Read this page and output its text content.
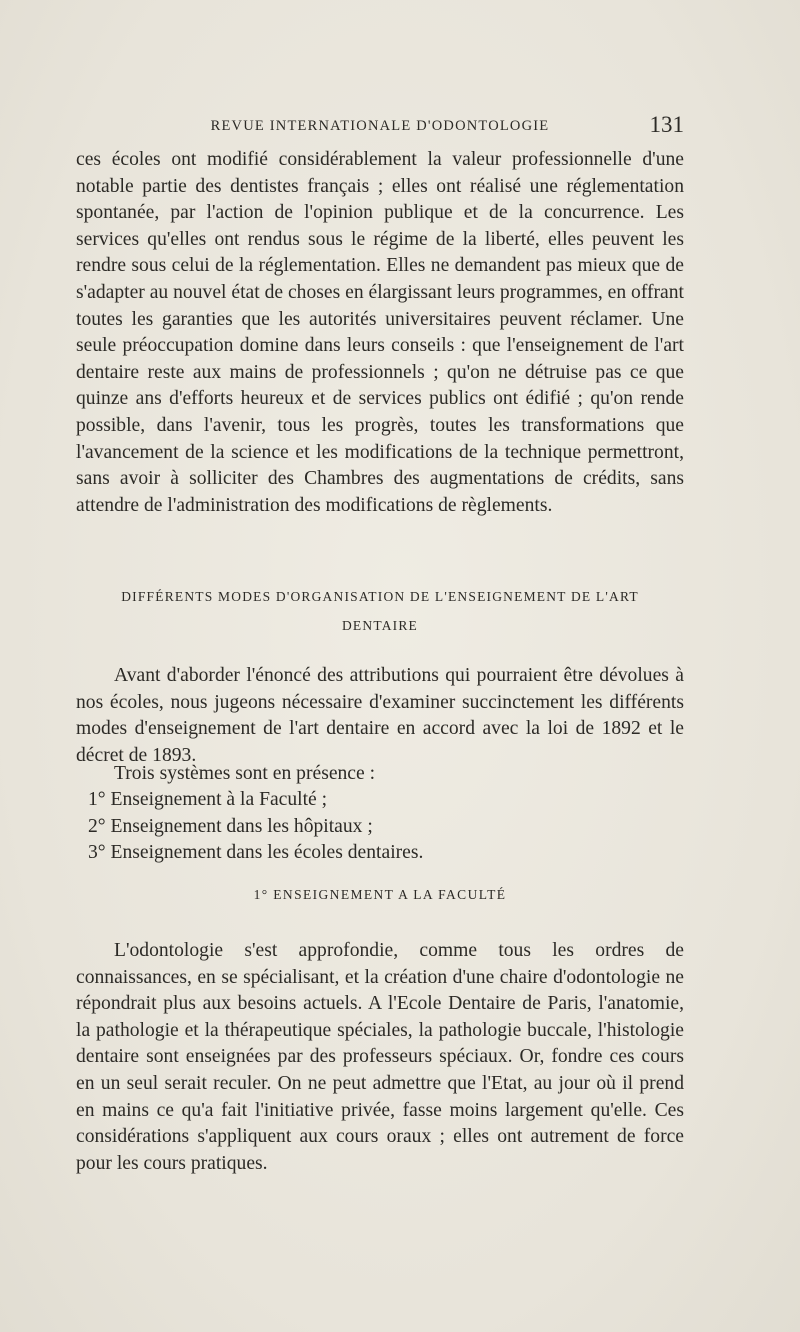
REVUE INTERNATIONALE D'ODONTOLOGIE	131

ces écoles ont modifié considérablement la valeur professionnelle d'une notable partie des dentistes français ; elles ont réalisé une réglementation spontanée, par l'action de l'opinion publique et de la concurrence. Les services qu'elles ont rendus sous le régime de la liberté, elles peuvent les rendre sous celui de la réglementation. Elles ne demandent pas mieux que de s'adapter au nouvel état de choses en élargissant leurs programmes, en offrant toutes les garanties que les autorités universitaires peuvent réclamer. Une seule préoccupation domine dans leurs conseils : que l'enseignement de l'art dentaire reste aux mains de professionnels ; qu'on ne détruise pas ce que quinze ans d'efforts heureux et de services publics ont édifié ; qu'on rende possible, dans l'avenir, tous les progrès, toutes les transformations que l'avancement de la science et les modifications de la technique permettront, sans avoir à solliciter des Chambres des augmentations de crédits, sans attendre de l'administration des modifications de règlements.

DIFFÉRENTS MODES D'ORGANISATION DE L'ENSEIGNEMENT DE L'ART
DENTAIRE

Avant d'aborder l'énoncé des attributions qui pourraient être dévolues à nos écoles, nous jugeons nécessaire d'examiner succinctement les différents modes d'enseignement de l'art dentaire en accord avec la loi de 1892 et le décret de 1893.

Trois systèmes sont en présence :
1° Enseignement à la Faculté ;
2° Enseignement dans les hôpitaux ;
3° Enseignement dans les écoles dentaires.
1° ENSEIGNEMENT A LA FACULTÉ

L'odontologie s'est approfondie, comme tous les ordres de connaissances, en se spécialisant, et la création d'une chaire d'odontologie ne répondrait plus aux besoins actuels. A l'Ecole Dentaire de Paris, l'anatomie, la pathologie et la thérapeutique spéciales, la pathologie buccale, l'histologie dentaire sont enseignées par des professeurs spéciaux. Or, fondre ces cours en un seul serait reculer. On ne peut admettre que l'Etat, au jour où il prend en mains ce qu'a fait l'initiative privée, fasse moins largement qu'elle. Ces considérations s'appliquent aux cours oraux ; elles ont autrement de force pour les cours pratiques.
